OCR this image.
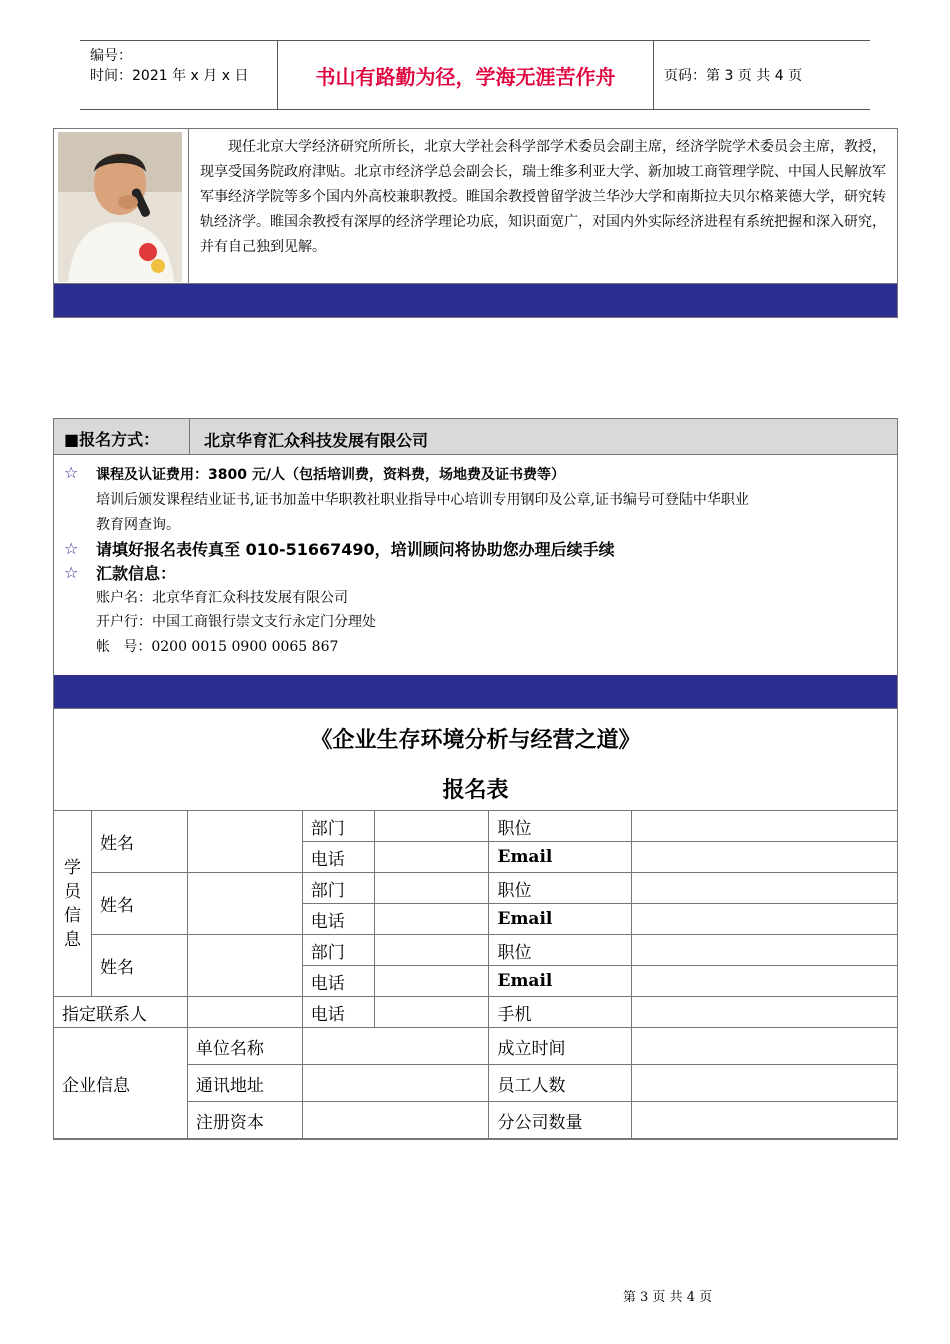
编号：
时间：2021 年 x 月 x 日	书山有路勤为径，学海无涯苦作舟	页码：第 3 页 共 4 页
现任北京大学经济研究所所长，北京大学社会科学部学术委员会副主席，经济学院学术委员会主席，教授，现享受国务院政府津贴。北京市经济学总会副会长，瑞士维多利亚大学、新加坡工商管理学院、中国人民解放军军事经济学院等多个国内外高校兼职教授。睢国余教授曾留学波兰华沙大学和南斯拉夫贝尔格莱德大学，研究转轨经济学。睢国余教授有深厚的经济学理论功底，知识面宽广，对国内外实际经济进程有系统把握和深入研究，并有自己独到见解。
■报名方式：	北京华育汇众科技发展有限公司
☆ 课程及认证费用：3800 元/人（包括培训费，资料费，场地费及证书费等）
培训后颁发课程结业证书,证书加盖中华职教社职业指导中心培训专用钢印及公章,证书编号可登陆中华职业
教育网查询。
☆ 请填好报名表传真至 010-51667490，培训顾问将协助您办理后续手续
☆ 汇款信息：
账户名：北京华育汇众科技发展有限公司
开户行：中国工商银行崇文支行永定门分理处
帐   号：0200 0015 0900 0065 867
《企业生存环境分析与经营之道》
报名表
学员信息	姓名		部门		职位	
			电话		Email	
	姓名		部门		职位	
			电话		Email	
	姓名		部门		职位	
			电话		Email	
指定联系人			电话		手机	
企业信息		单位名称			成立时间	
		通讯地址			员工人数	
		注册资本			分公司数量	
第 3 页 共 4 页
